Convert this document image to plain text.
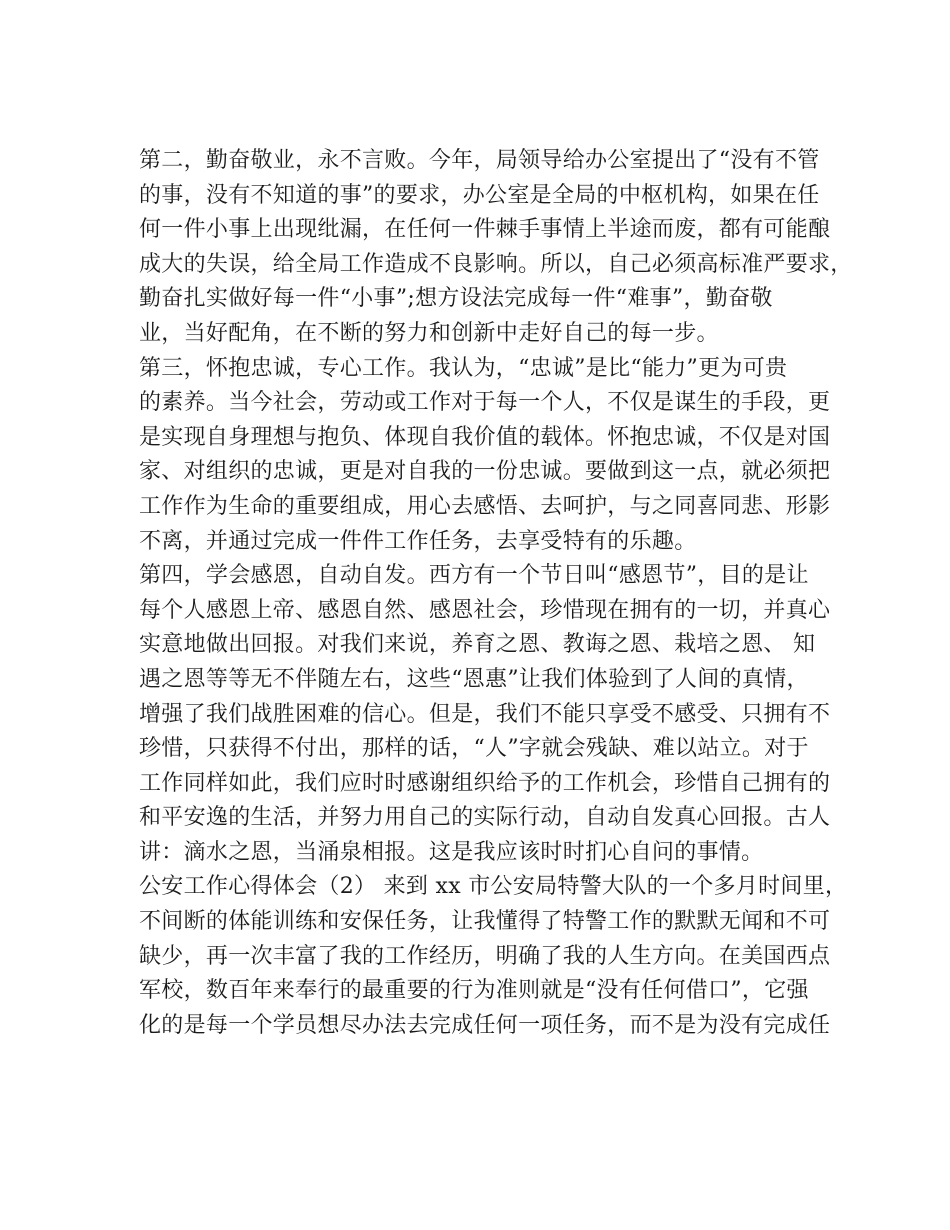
第二，勤奋敬业，永不言败。今年，局领导给办公室提出了“没有不管
的事，没有不知道的事”的要求，办公室是全局的中枢机构，如果在任
何一件小事上出现纰漏，在任何一件棘手事情上半途而废，都有可能酿
成大的失误，给全局工作造成不良影响。所以，自己必须高标准严要求，
勤奋扎实做好每一件“小事”;想方设法完成每一件“难事”，勤奋敬
业，当好配角，在不断的努力和创新中走好自己的每一步。
第三，怀抱忠诚，专心工作。我认为，“忠诚”是比“能力”更为可贵
的素养。当今社会，劳动或工作对于每一个人，不仅是谋生的手段，更
是实现自身理想与抱负、体现自我价值的载体。怀抱忠诚，不仅是对国
家、对组织的忠诚，更是对自我的一份忠诚。要做到这一点，就必须把
工作作为生命的重要组成，用心去感悟、去呵护，与之同喜同悲、形影
不离，并通过完成一件件工作任务，去享受特有的乐趣。
第四，学会感恩，自动自发。西方有一个节日叫“感恩节”，目的是让
每个人感恩上帝、感恩自然、感恩社会，珍惜现在拥有的一切，并真心
实意地做出回报。对我们来说，养育之恩、教诲之恩、栽培之恩、 知
遇之恩等等无不伴随左右，这些“恩惠”让我们体验到了人间的真情，
增强了我们战胜困难的信心。但是，我们不能只享受不感受、只拥有不
珍惜，只获得不付出，那样的话，“人”字就会残缺、难以站立。对于
工作同样如此，我们应时时感谢组织给予的工作机会，珍惜自己拥有的
和平安逸的生活，并努力用自己的实际行动，自动自发真心回报。古人
讲：滴水之恩，当涌泉相报。这是我应该时时扪心自问的事情。
公安工作心得体会（2） 来到 xx 市公安局特警大队的一个多月时间里，
不间断的体能训练和安保任务，让我懂得了特警工作的默默无闻和不可
缺少，再一次丰富了我的工作经历，明确了我的人生方向。在美国西点
军校，数百年来奉行的最重要的行为准则就是“没有任何借口”，它强
化的是每一个学员想尽办法去完成任何一项任务，而不是为没有完成任
